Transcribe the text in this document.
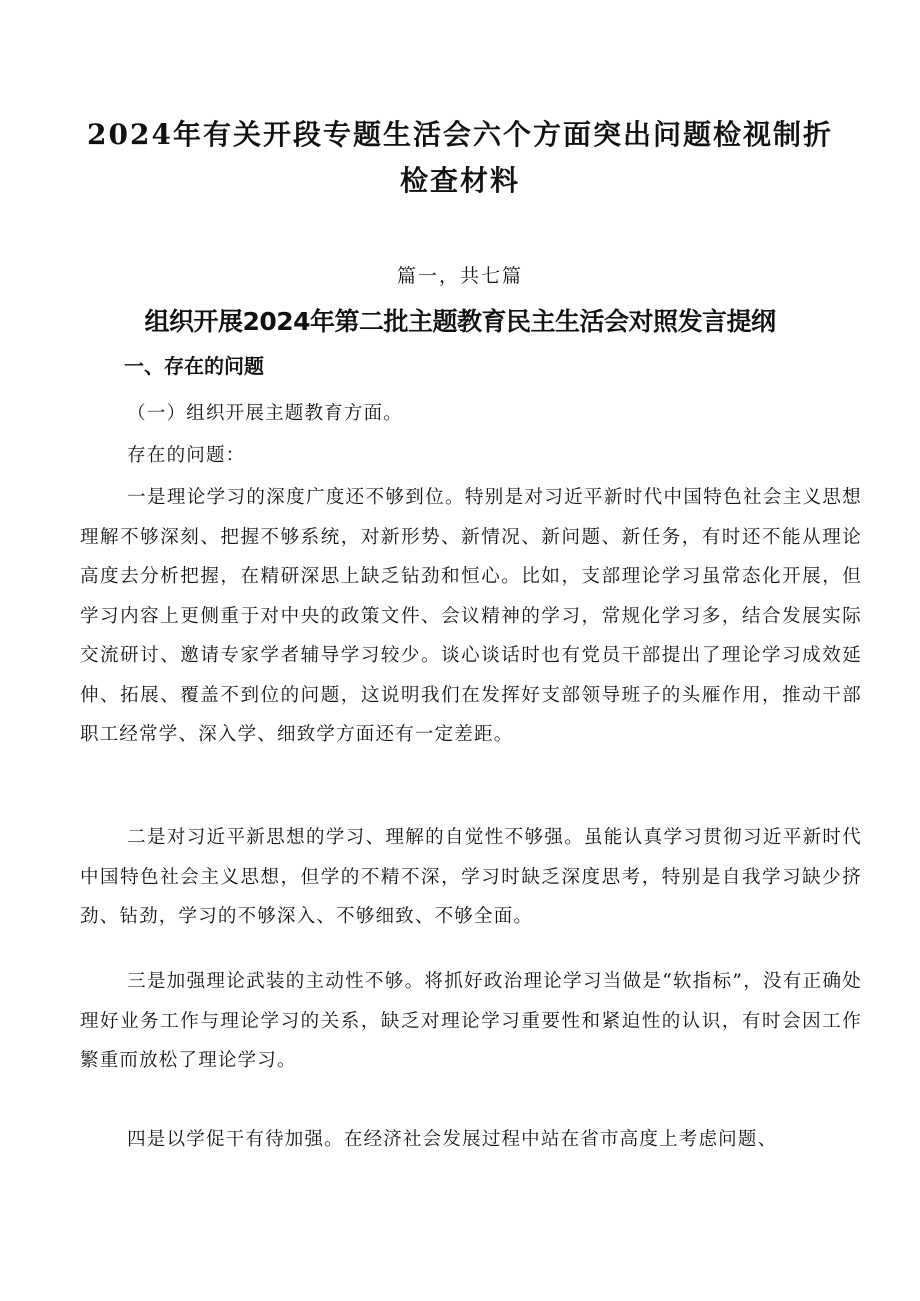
2024年有关开段专题生活会六个方面突出问题检视制折
检查材料
篇一，共七篇
组织开展2024年第二批主题教育民主生活会对照发言提纲
一、存在的问题

（一）组织开展主题教育方面。

存在的问题：

一是理论学习的深度广度还不够到位。特别是对习近平新时代中国特色社会主义思想理解不够深刻、把握不够系统，对新形势、新情况、新问题、新任务，有时还不能从理论高度去分析把握，在精研深思上缺乏钻劲和恒心。比如，支部理论学习虽常态化开展，但学习内容上更侧重于对中央的政策文件、会议精神的学习，常规化学习多，结合发展实际交流研讨、邀请专家学者辅导学习较少。谈心谈话时也有党员干部提出了理论学习成效延伸、拓展、覆盖不到位的问题，这说明我们在发挥好支部领导班子的头雁作用，推动干部职工经常学、深入学、细致学方面还有一定差距。

二是对习近平新思想的学习、理解的自觉性不够强。虽能认真学习贯彻习近平新时代中国特色社会主义思想，但学的不精不深，学习时缺乏深度思考，特别是自我学习缺少挤劲、钻劲，学习的不够深入、不够细致、不够全面。

三是加强理论武装的主动性不够。将抓好政治理论学习当做是“软指标”，没有正确处理好业务工作与理论学习的关系，缺乏对理论学习重要性和紧迫性的认识，有时会因工作繁重而放松了理论学习。

四是以学促干有待加强。在经济社会发展过程中站在省市高度上考虑问题、
